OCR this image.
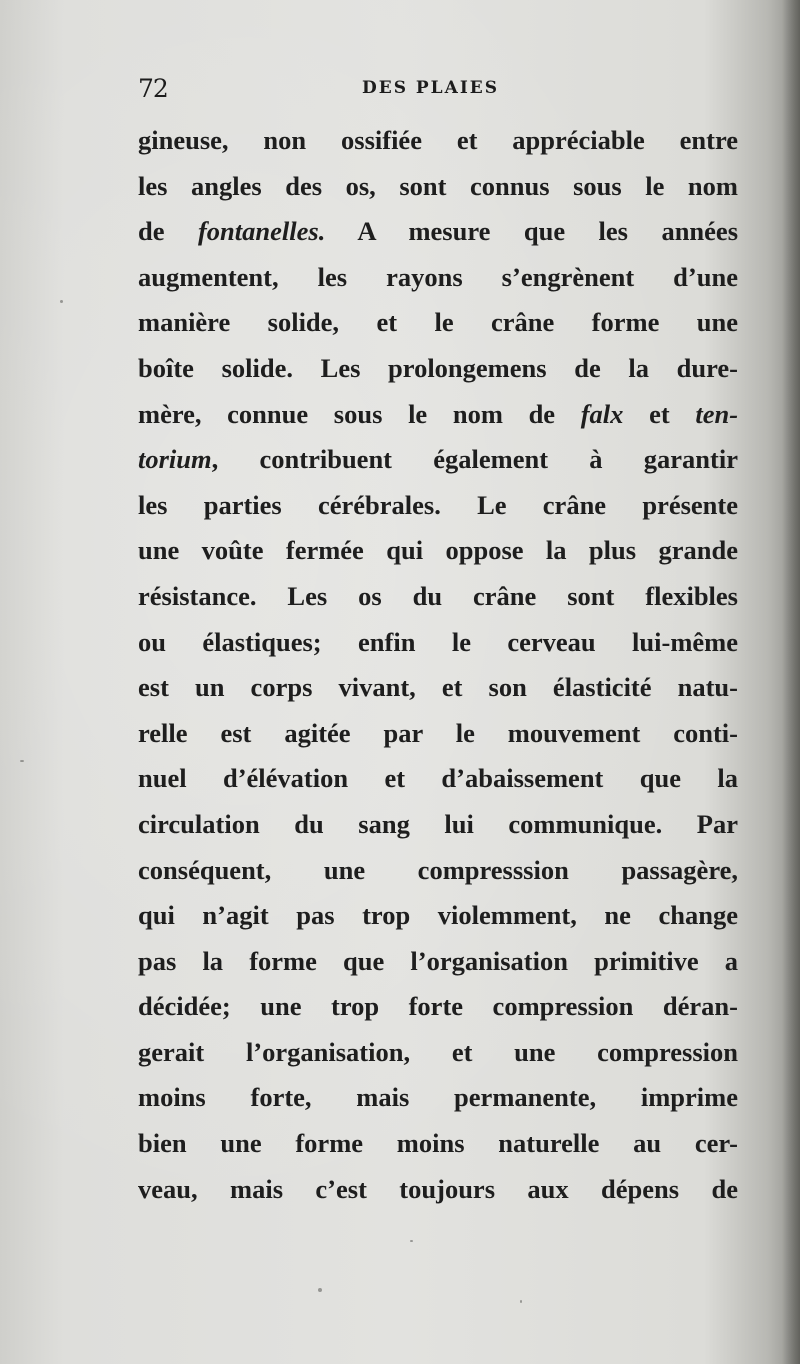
72	DES PLAIES
gineuse, non ossifiée et appréciable entre
les angles des os, sont connus sous le nom
de fontanelles. A mesure que les années
augmentent, les rayons s’engrènent d’une
manière solide, et le crâne forme une
boîte solide. Les prolongemens de la dure-
mère, connue sous le nom de falx et ten-
torium, contribuent également à garantir
les parties cérébrales. Le crâne présente
une voûte fermée qui oppose la plus grande
résistance. Les os du crâne sont flexibles
ou élastiques; enfin le cerveau lui-même
est un corps vivant, et son élasticité natu-
relle est agitée par le mouvement conti-
nuel d’élévation et d’abaissement que la
circulation du sang lui communique. Par
conséquent, une compresssion passagère,
qui n’agit pas trop violemment, ne change
pas la forme que l’organisation primitive a
décidée; une trop forte compression déran-
gerait l’organisation, et une compression
moins forte, mais permanente, imprime
bien une forme moins naturelle au cer-
veau, mais c’est toujours aux dépens de
